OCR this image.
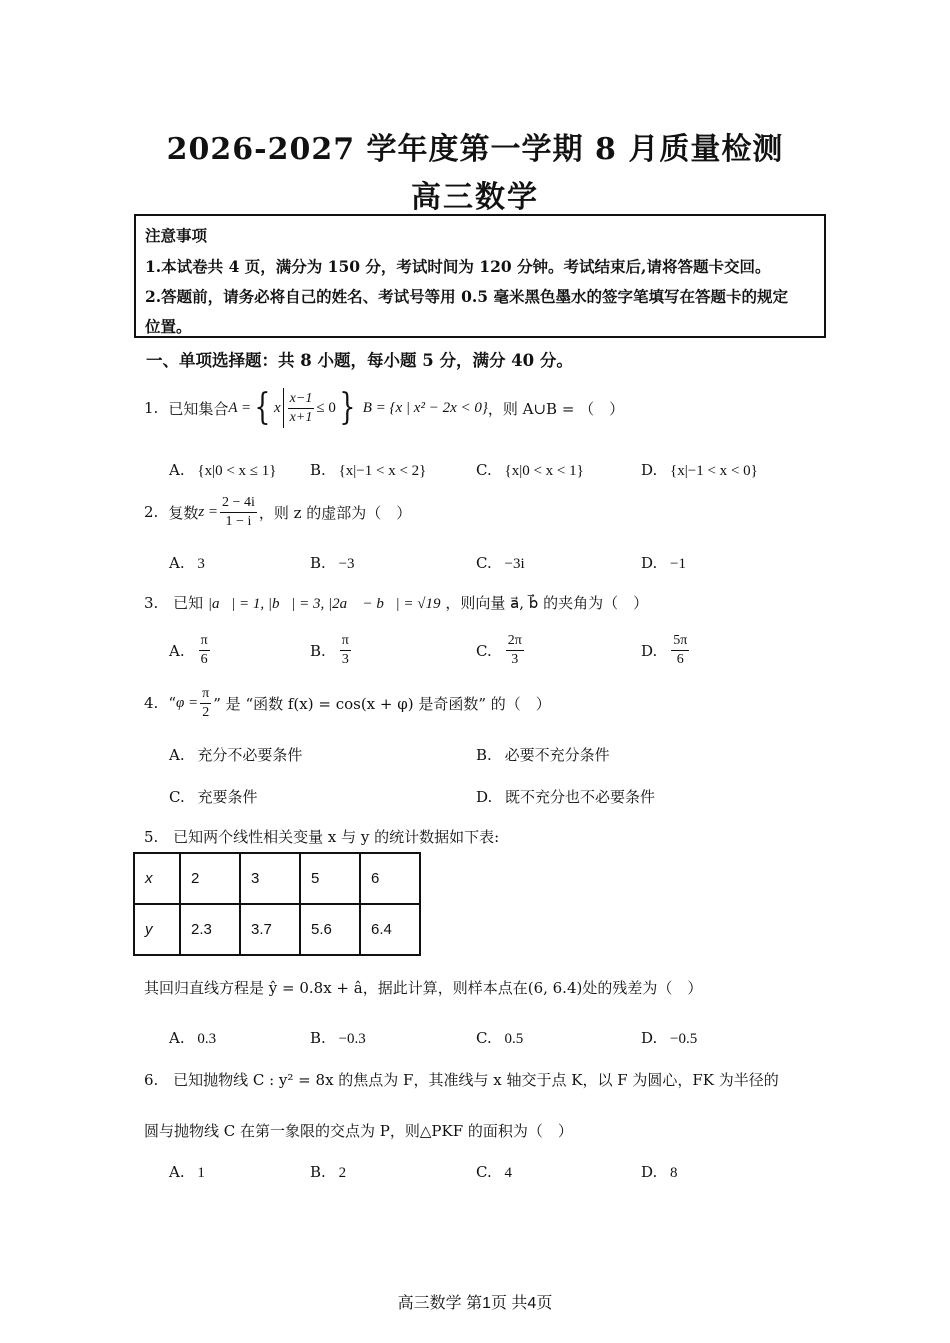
2026-2027 学年度第一学期 8 月质量检测
高三数学
注意事项
1.本试卷共 4 页，满分为 150 分，考试时间为 120 分钟。考试结束后,请将答题卡交回。
2.答题前，请务必将自己的姓名、考试号等用 0.5 毫米黑色墨水的签字笔填写在答题卡的规定
位置。
一、单项选择题：共 8 小题，每小题 5 分，满分 40 分。
1. 已知集合 A = { x $\frac{x-1}{x+1} \le 0$ } B = {x | x² − 2x < 0} ，则 A∪B = （　）
A. {x|0 < x ≤ 1} B. {x|−1 < x < 2}	C. {x|0 < x < 1}	D. {x|−1 < x < 0}
2. 复数 $z = \frac{2 - 4i}{1 - i}$ ，则 z 的虚部为（　）
A. 3	B. −3	C. −3i	D. −1
3. 已知 |a⃗| = 1, |b⃗| = 3, |2a⃗ − b⃗| = √19 ，则向量 a⃗, b⃗ 的夹角为（　）
A. $\frac{\pi}{6}$	B. $\frac{\pi}{3}$	C. $\frac{2\pi}{3}$	D. $\frac{5\pi}{6}$
4. “ $\varphi = \frac{\pi}{2}$ ” 是 “函数 f(x) = cos(x + φ) 是奇函数” 的（　）
A. 充分不必要条件	B. 必要不充分条件
C. 充要条件	D. 既不充分也不必要条件
5. 已知两个线性相关变量 x 与 y 的统计数据如下表:
x	2	3	5	6
y	2.3	3.7	5.6	6.4
其回归直线方程是 ŷ = 0.8x + â，据此计算，则样本点在(6, 6.4)处的残差为（　）
A. 0.3	B. −0.3	C. 0.5	D. −0.5
6. 已知抛物线 C : y² = 8x 的焦点为 F，其准线与 x 轴交于点 K，以 F 为圆心，FK 为半径的
圆与抛物线 C 在第一象限的交点为 P，则△PKF 的面积为（　）
A. 1	B. 2	C. 4	D. 8
高三数学 第1页 共4页
